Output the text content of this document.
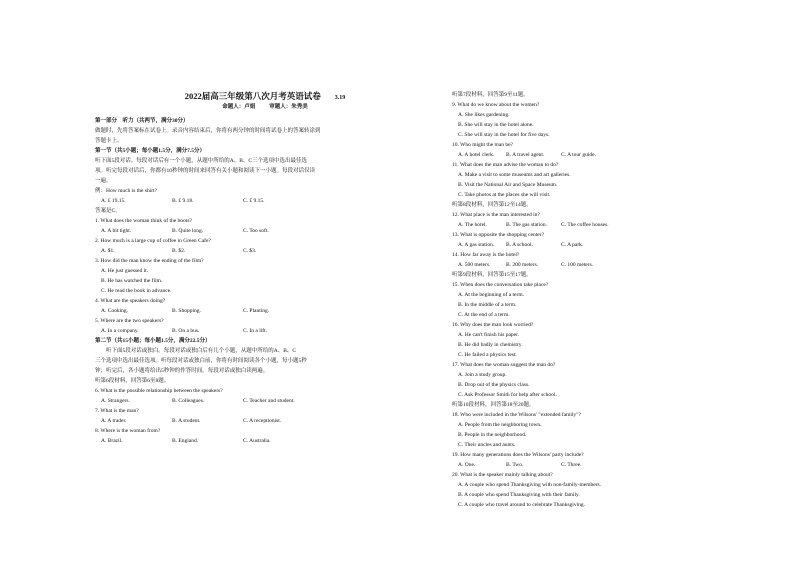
2022届高三年级第八次月考英语试卷 3.19
命题人：卢娟	审题人：朱秀美
第一部分　听力（共两节，满分30分）
做题时，先将答案标在试卷上。录音内容结束后，你将有两分钟的时间将试卷上的答案转涂到
答题卡上。
第一节（共5小题；每小题1.5分，满分7.5分）
听下面5段对话。每段对话后有一个小题，从题中所给的A、B、C三个选项中选出最佳选
项。听完每段对话后，你都有10秒钟的时间来回答有关小题和阅读下一小题。每段对话仅读
一遍。
例：How much is the shirt?
A. £ 19.15.	B. £ 9.18.	C. £ 9.15.
答案是C。
1. What does the woman think of the boots?
A. A bit tight.	B. Quite long.	C. Too soft.
2. How much is a large cup of coffee in Green Cafe?
A. $1.	B. $2.	C. $3.
3. How did the man know the ending of the film?
A. He just guessed it.
B. He has watched the film.
C. He read the book in advance.
4. What are the speakers doing?
A. Cooking.	B. Shopping.	C. Planting.
5. Where are the two speakers?
A. In a company.	B. On a bus.	C. In a lift.
第二节（共15小题；每小题1.5分，满分22.5分）
　　听下面5段对话或独白。每段对话或独白后有几个小题，从题中所给的A、B、C
三个选项中选出最佳选项。听每段对话或独白前，你将有时间阅读各个小题，每小题5秒
钟；听完后，各小题将给出5秒钟的作答时间。每段对话或独白读两遍。
听第6段材料，回答第6至8题。
6. What is the possible relationship between the speakers?
A. Strangers.	B. Colleagues.	C. Teacher and student.
7. What is the man?
A. A trader.	B. A student.	C. A receptionist.
8. Where is the woman from?
A. Brazil.	B. England.	C. Australia.
听第7段材料，回答第9至11题。
9. What do we know about the women?
A. She likes gardening.
B. She will stay in the hotel alone.
C. She will stay in the hotel for five days.
10. Who might the man be?
A. A hotel clerk.	B. A travel agent.	C. A tour guide.
11. What does the man advise the woman to do?
A. Make a visit to some museums and art galleries.
B. Visit the National Air and Space Museum.
C. Take photos at the places she will visit.
听第8段材料，回答第12至14题。
12. What place is the man interested in?
A. The hotel.	B. The gas station.	C. The coffee houses.
13. What is opposite the shopping center?
A. A gas station.	B. A school.	C. A park.
14. How far away is the hotel?
A. 500 meters.	B. 200 meters.	C. 100 meters.
听第9段材料，回答第15至17题。
15. When does the conversation take place?
A. At the beginning of a term.
B. In the middle of a term.
C. At the end of a term.
16. Why does the man look worried?
A. He can't finish his paper.
B. He did badly in chemistry.
C. He failed a physics test.
17. What does the woman suggest the man do?
A. Join a study group.
B. Drop out of the physics class.
C. Ask Professor Smith for help after school.
听第10段材料，回答第18至20题。
18. Who were included in the Wilsons' "extended family"?
A. People from the neighboring town.
B. People in the neighborhood.
C. Their uncles and aunts.
19. How many generations does the Wilsons' party include?
A. One.	B. Two.	C. Three.
20. What is the speaker mainly talking about?
A. A couple who spend Thanksgiving with non-family-members.
B. A couple who spend Thanksgiving with their family.
C. A couple who travel around to celebrate Thanksgiving.
